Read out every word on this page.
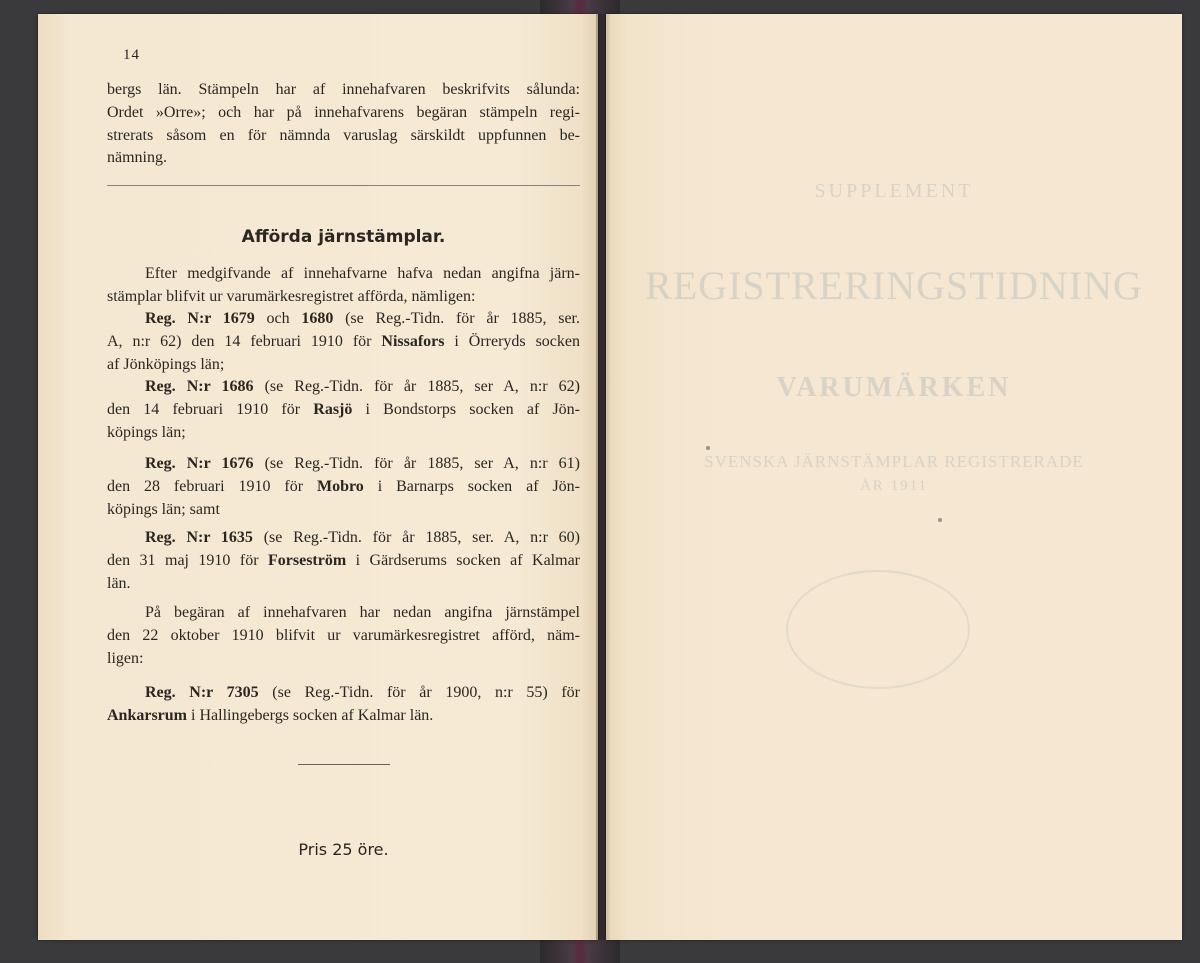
14
bergs län. Stämpeln har af innehafvaren beskrifvits sålunda:
Ordet »Orre»; och har på innehafvarens begäran stämpeln regi-
strerats såsom en för nämnda varuslag särskildt uppfunnen be-
nämning.
Afförda järnstämplar.
Efter medgifvande af innehafvarne hafva nedan angifna järn-
stämplar blifvit ur varumärkesregistret afförda, nämligen:
Reg. N:r 1679 och 1680 (se Reg.-Tidn. för år 1885, ser.
A, n:r 62) den 14 februari 1910 för Nissafors i Örreryds socken
af Jönköpings län;
Reg. N:r 1686 (se Reg.-Tidn. för år 1885, ser A, n:r 62)
den 14 februari 1910 för Rasjö i Bondstorps socken af Jön-
köpings län;
Reg. N:r 1676 (se Reg.-Tidn. för år 1885, ser A, n:r 61)
den 28 februari 1910 för Mobro i Barnarps socken af Jön-
köpings län; samt
Reg. N:r 1635 (se Reg.-Tidn. för år 1885, ser. A, n:r 60)
den 31 maj 1910 för Forseström i Gärdserums socken af Kalmar
län.
På begäran af innehafvaren har nedan angifna järnstämpel
den 22 oktober 1910 blifvit ur varumärkesregistret afförd, näm-
ligen:
Reg. N:r 7305 (se Reg.-Tidn. för år 1900, n:r 55) för
Ankarsrum i Hallingebergs socken af Kalmar län.
Pris 25 öre.
SUPPLEMENT
REGISTRERINGSTIDNING
VARUMÄRKEN
SVENSKA JÄRNSTÄMPLAR REGISTRERADE
ÅR 1911
